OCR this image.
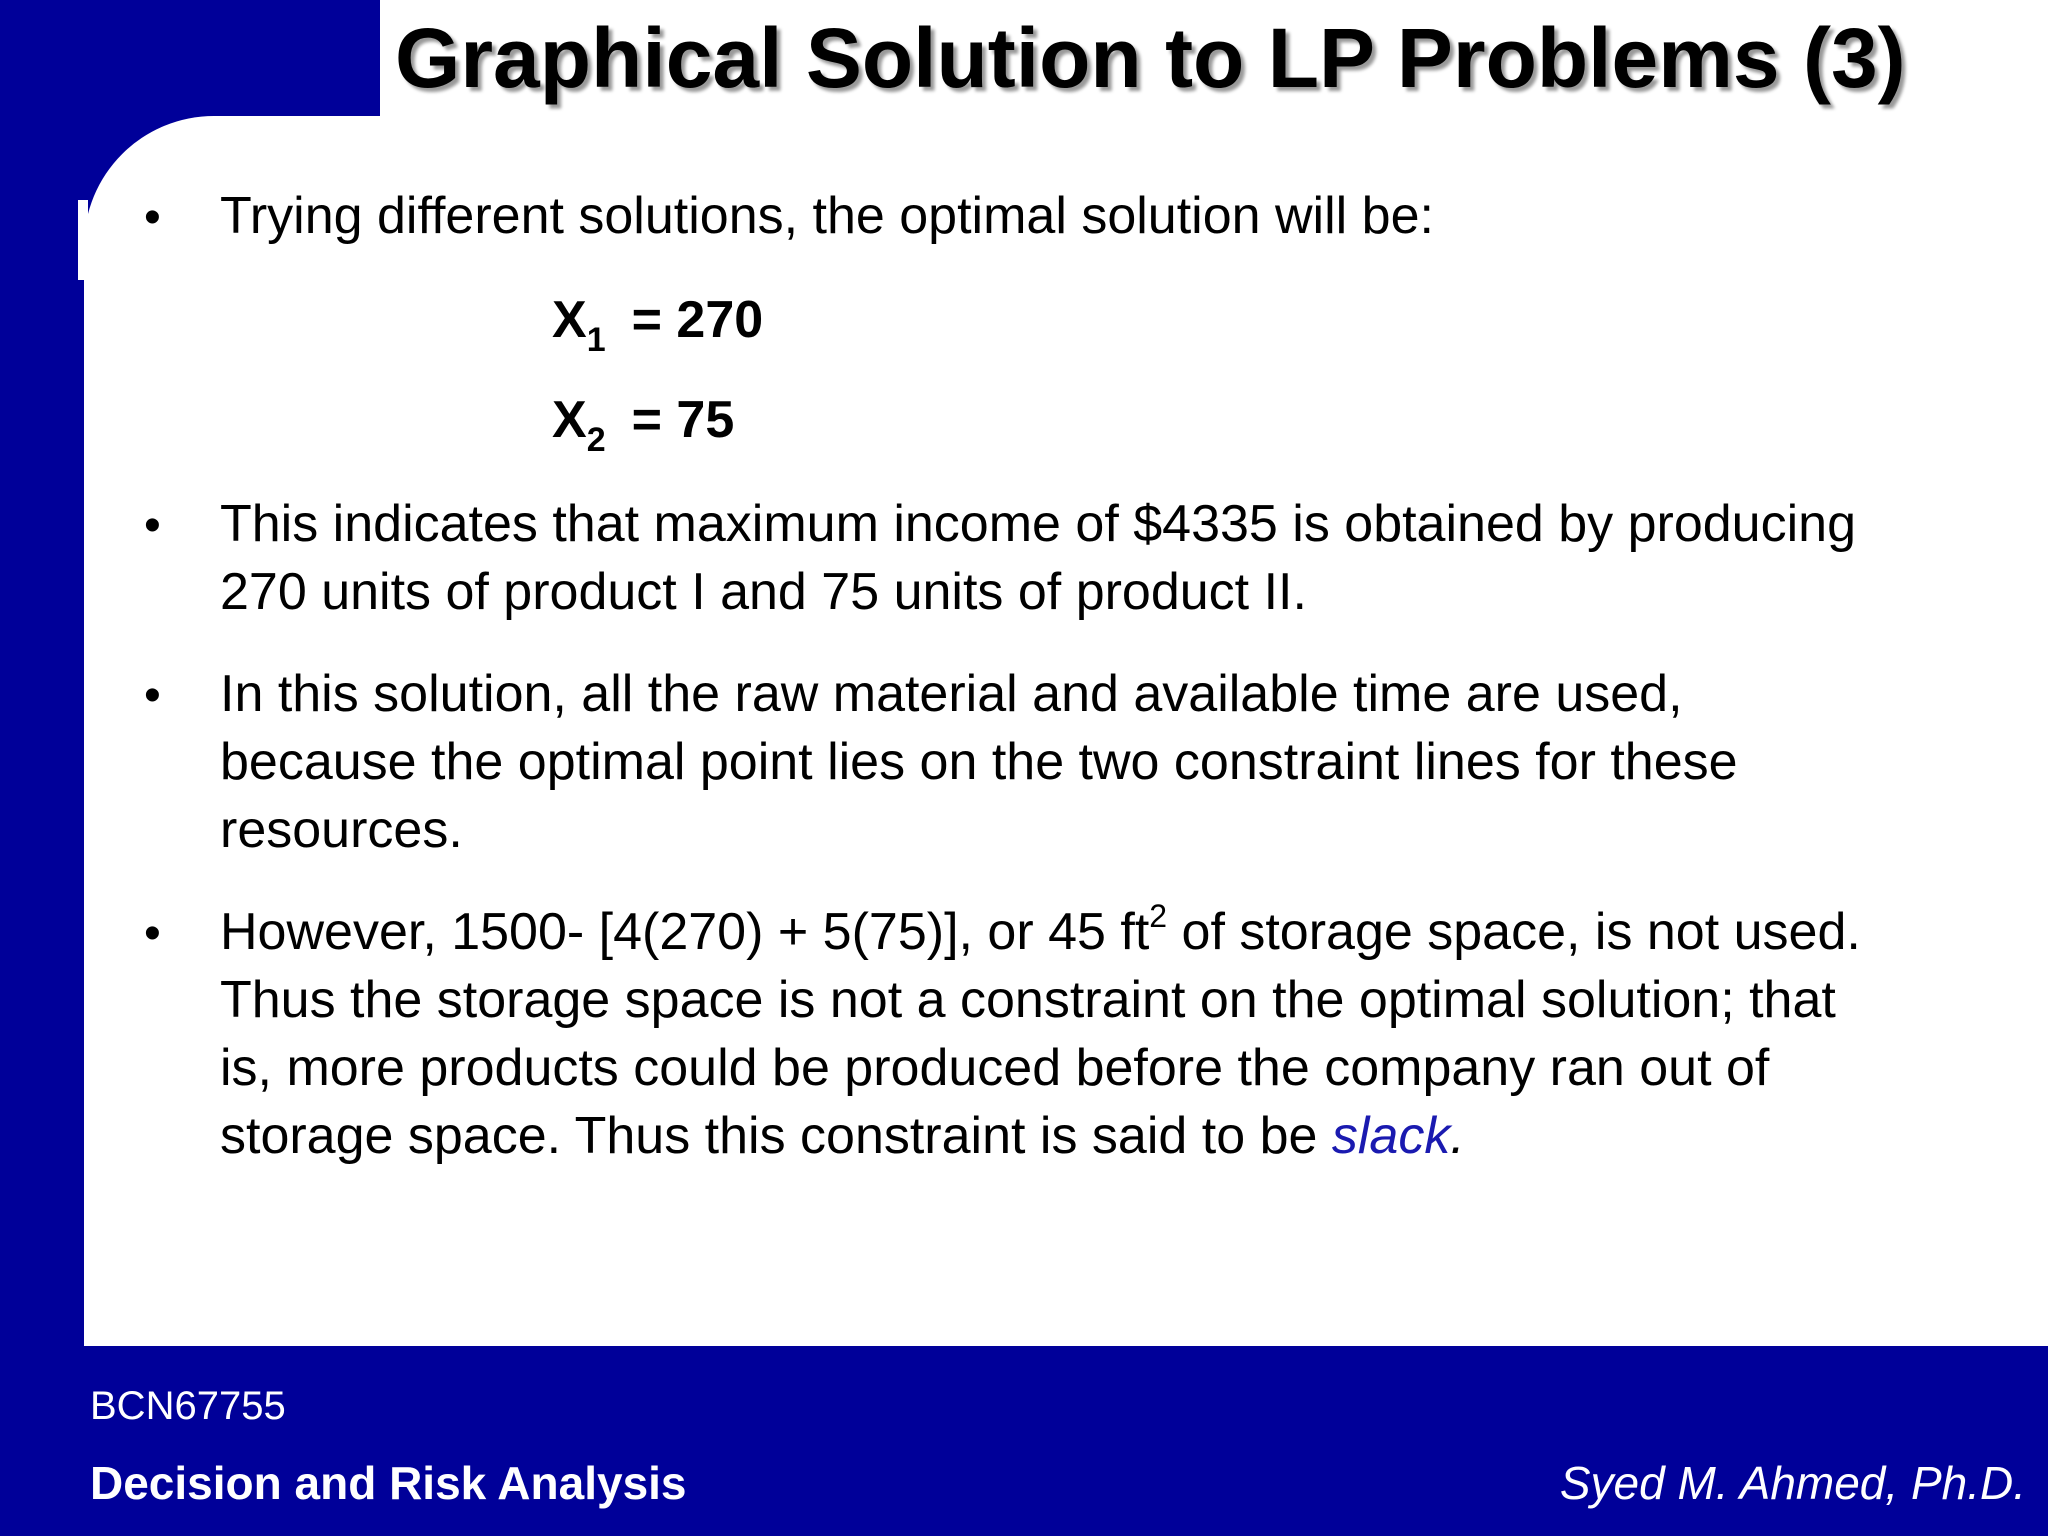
Graphical Solution to LP Problems (3)
• Trying different solutions, the optimal solution will be:
$X_1 = 270$
$X_2 = 75$
• This indicates that maximum income of $4335 is obtained by producing
270 units of product I and 75 units of product II.
• In this solution, all the raw material and available time are used,
because the optimal point lies on the two constraint lines for these
resources.
• However, 1500- [4(270) + 5(75)], or 45 $ft^2$ of storage space, is not used.
Thus the storage space is not a constraint on the optimal solution; that
is, more products could be produced before the company ran out of
storage space. Thus this constraint is said to be slack.
BCN67755
Decision and Risk Analysis	Syed M. Ahmed, Ph.D.
